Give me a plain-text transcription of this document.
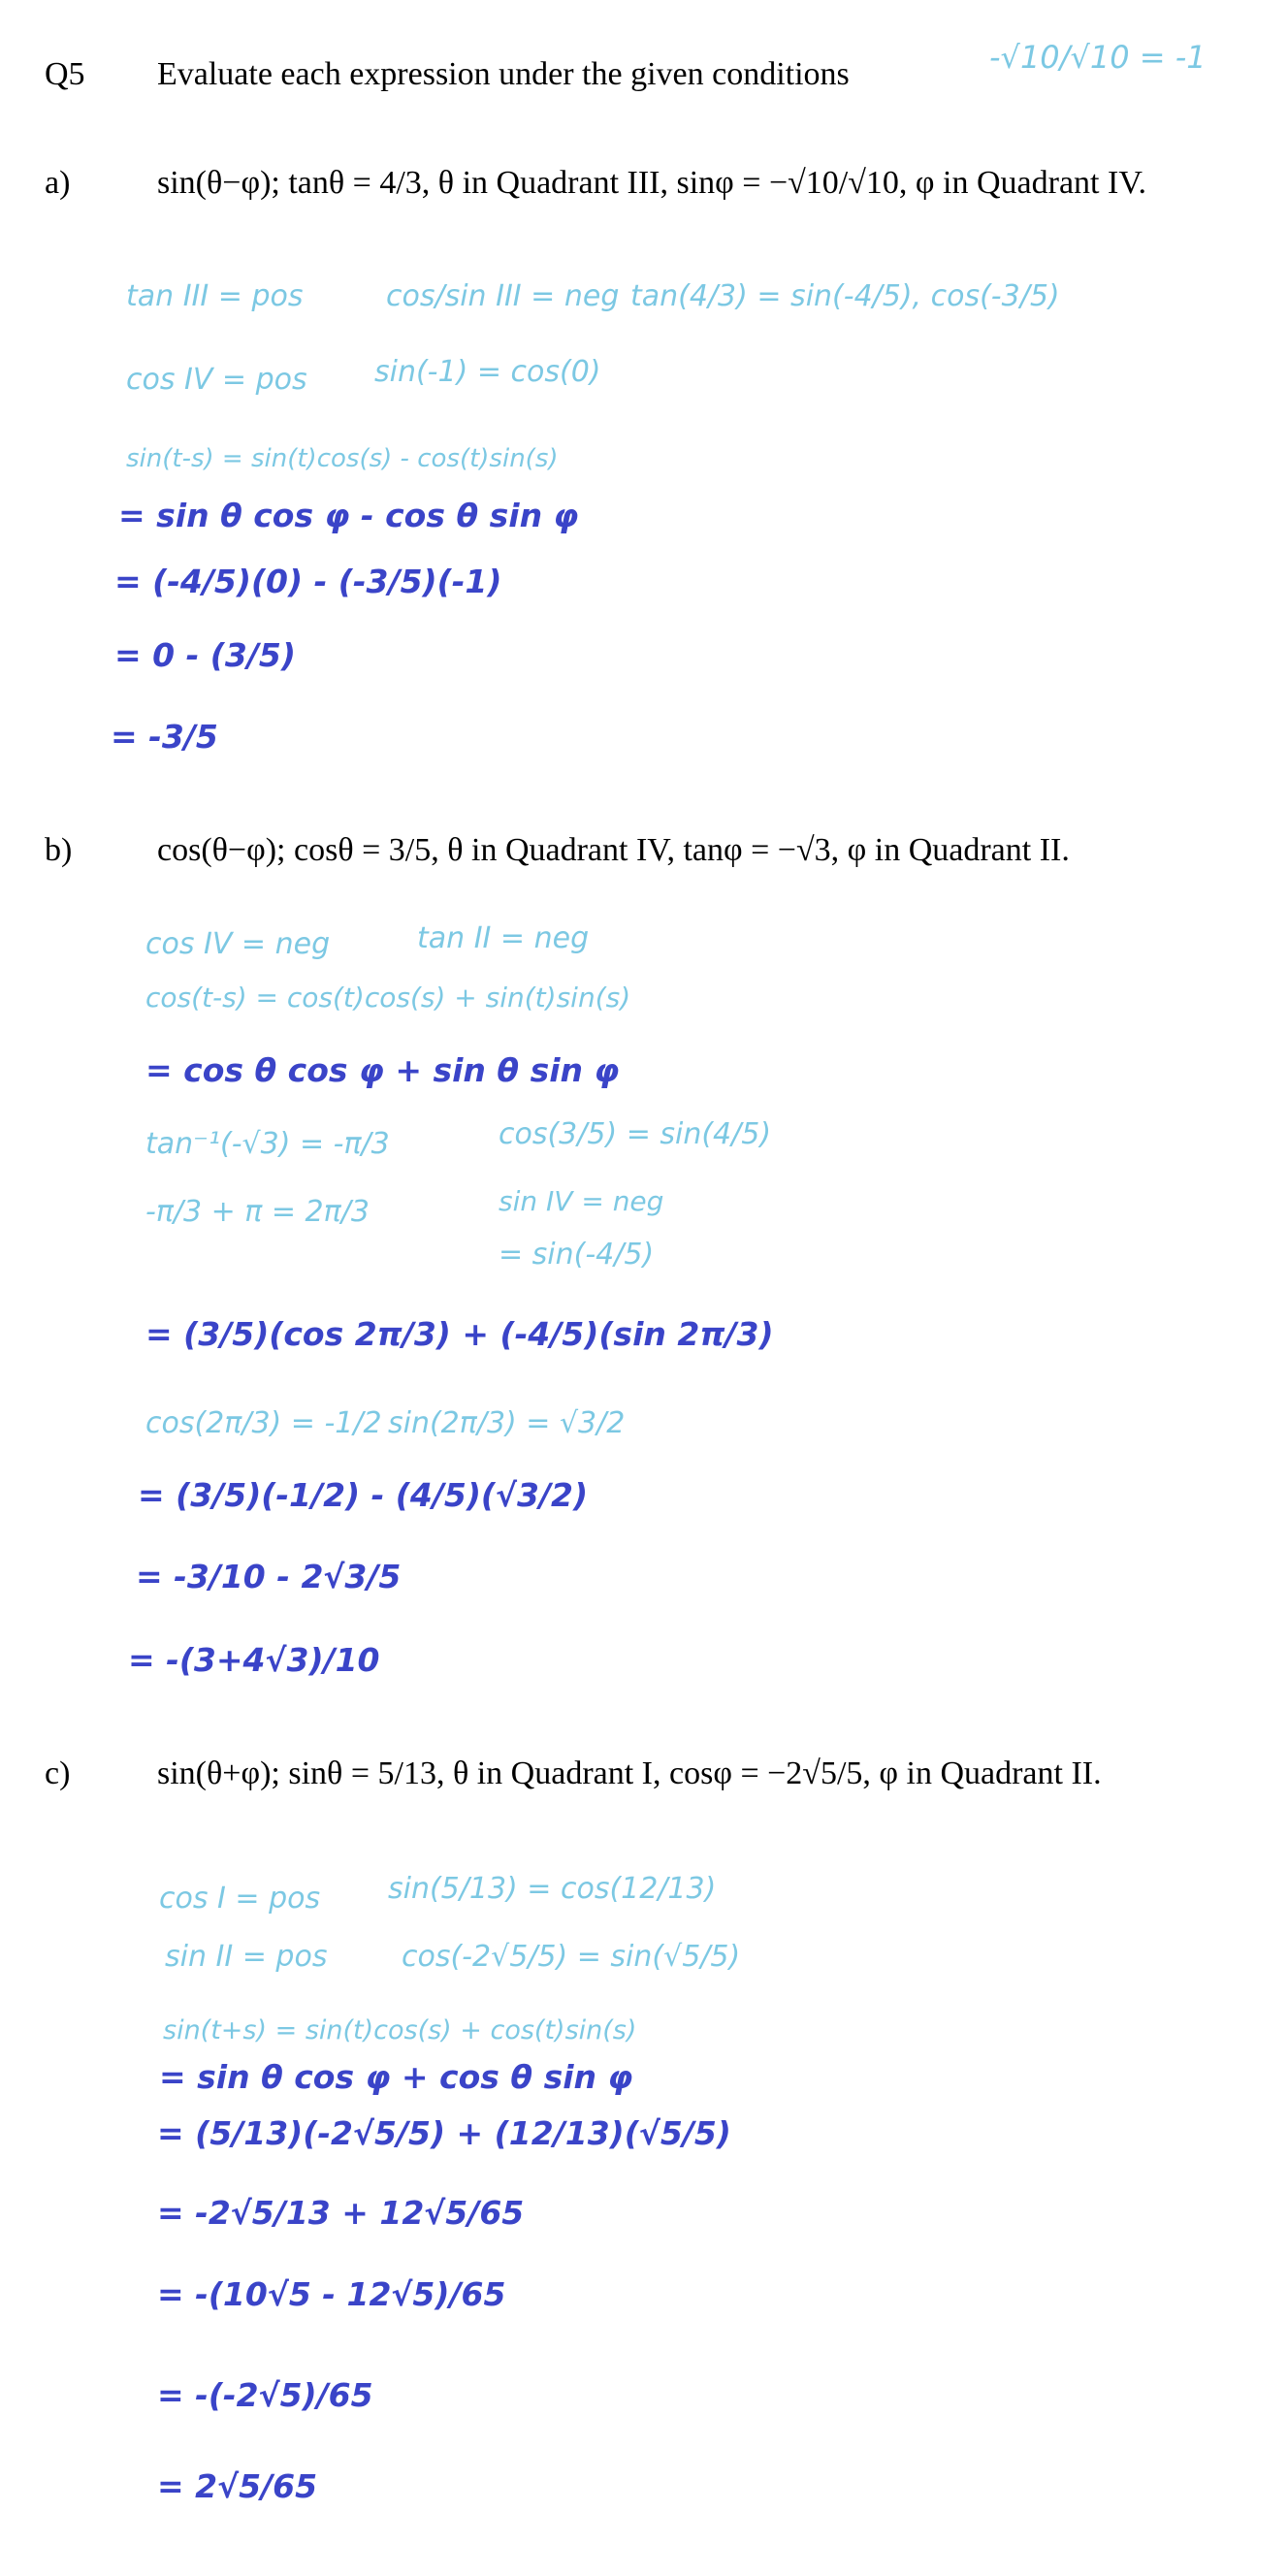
Q5 Evaluate each expression under the given conditions	-√10/√10 = -1
a)	sin(θ−φ); tanθ = 4/3, θ in Quadrant III, sinφ = −√10/√10, φ in Quadrant IV.
tan III = pos	cos/sin III = neg tan(4/3) = sin(-4/5), cos(-3/5)
cos IV = pos sin(-1) = cos(0)
sin(t-s) = sin(t)cos(s) - cos(t)sin(s)
= sin θ cos φ - cos θ sin φ
= (-4/5)(0) - (-3/5)(-1)
= 0 - (3/5)
= -3/5
b)	cos(θ−φ); cosθ = 3/5, θ in Quadrant IV, tanφ = −√3, φ in Quadrant II.
cos IV = neg	tan II = neg
cos(t-s) = cos(t)cos(s) + sin(t)sin(s)
= cos θ cos φ + sin θ sin φ
tan⁻¹(-√3) = -π/3
-π/3 + π = 2π/3
cos(3/5) = sin(4/5)
sin IV = neg
= sin(-4/5)
= (3/5)(cos 2π/3) + (-4/5)(sin 2π/3)
cos(2π/3) = -1/2 sin(2π/3) = √3/2
= (3/5)(-1/2) - (4/5)(√3/2)
= -3/10 - 2√3/5
= -(3+4√3)/10
c)	sin(θ+φ); sinθ = 5/13, θ in Quadrant I, cosφ = −2√5/5, φ in Quadrant II.
cos I = pos sin(5/13) = cos(12/13)
sin II = pos	cos(-2√5/5) = sin(√5/5)
sin(t+s) = sin(t)cos(s) + cos(t)sin(s)
= sin θ cos φ + cos θ sin φ
= (5/13)(-2√5/5) + (12/13)(√5/5)
= -2√5/13 + 12√5/65
= -(10√5 - 12√5)/65
= -(-2√5)/65
= 2√5/65
